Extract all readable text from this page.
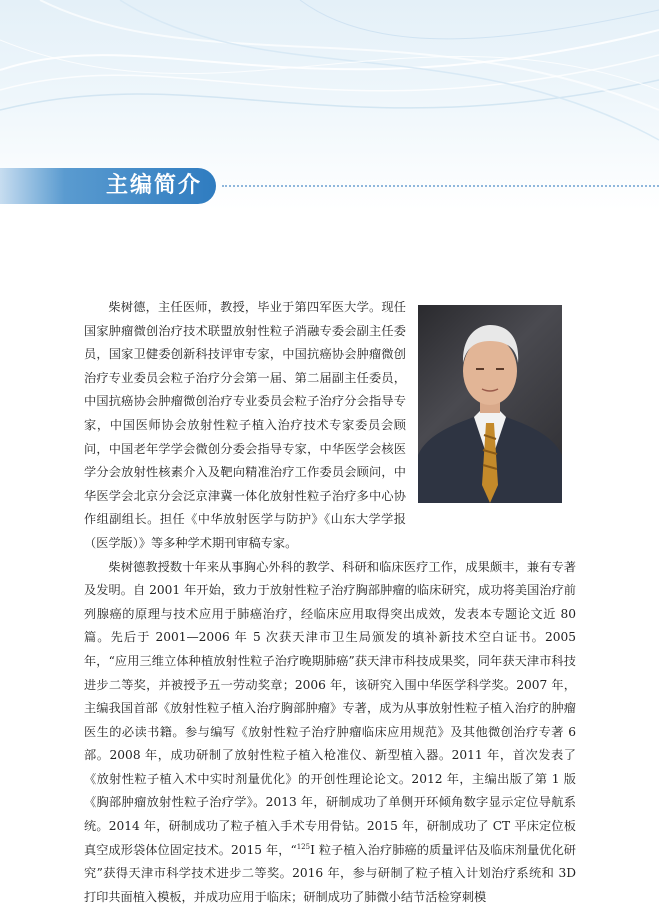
主编简介

柴树德，主任医师，教授，毕业于第四军医大学。现任国家肿瘤微创治疗技术联盟放射性粒子消融专委会副主任委员，国家卫健委创新科技评审专家，中国抗癌协会肿瘤微创治疗专业委员会粒子治疗分会第一届、第二届副主任委员，中国抗癌协会肿瘤微创治疗专业委员会粒子治疗分会指导专家，中国医师协会放射性粒子植入治疗技术专家委员会顾问，中国老年学学会微创分委会指导专家，中华医学会核医学分会放射性核素介入及靶向精准治疗工作委员会顾问，中华医学会北京分会泛京津冀一体化放射性粒子治疗多中心协作组副组长。担任《中华放射医学与防护》《山东大学学报（医学版）》等多种学术期刊审稿专家。

柴树德教授数十年来从事胸心外科的教学、科研和临床医疗工作，成果颇丰，兼有专著及发明。自 2001 年开始，致力于放射性粒子治疗胸部肿瘤的临床研究，成功将美国治疗前列腺癌的原理与技术应用于肺癌治疗，经临床应用取得突出成效，发表本专题论文近 80 篇。先后于 2001—2006 年 5 次获天津市卫生局颁发的填补新技术空白证书。2005 年，“应用三维立体种植放射性粒子治疗晚期肺癌”获天津市科技成果奖，同年获天津市科技进步二等奖，并被授予五一劳动奖章；2006 年，该研究入围中华医学科学奖。2007 年，主编我国首部《放射性粒子植入治疗胸部肿瘤》专著，成为从事放射性粒子植入治疗的肿瘤医生的必读书籍。参与编写《放射性粒子治疗肿瘤临床应用规范》及其他微创治疗专著 6 部。2008 年，成功研制了放射性粒子植入枪准仪、新型植入器。2011 年，首次发表了《放射性粒子植入术中实时剂量优化》的开创性理论论文。2012 年，主编出版了第 1 版《胸部肿瘤放射性粒子治疗学》。2013 年，研制成功了单侧开环倾角数字显示定位导航系统。2014 年，研制成功了粒子植入手术专用骨钻。2015 年，研制成功了 CT 平床定位板真空成形袋体位固定技术。2015 年，“$^{125}$I 粒子植入治疗肺癌的质量评估及临床剂量优化研究”获得天津市科学技术进步二等奖。2016 年，参与研制了粒子植入计划治疗系统和 3D 打印共面植入模板，并成功应用于临床；研制成功了肺微小结节活检穿刺模
